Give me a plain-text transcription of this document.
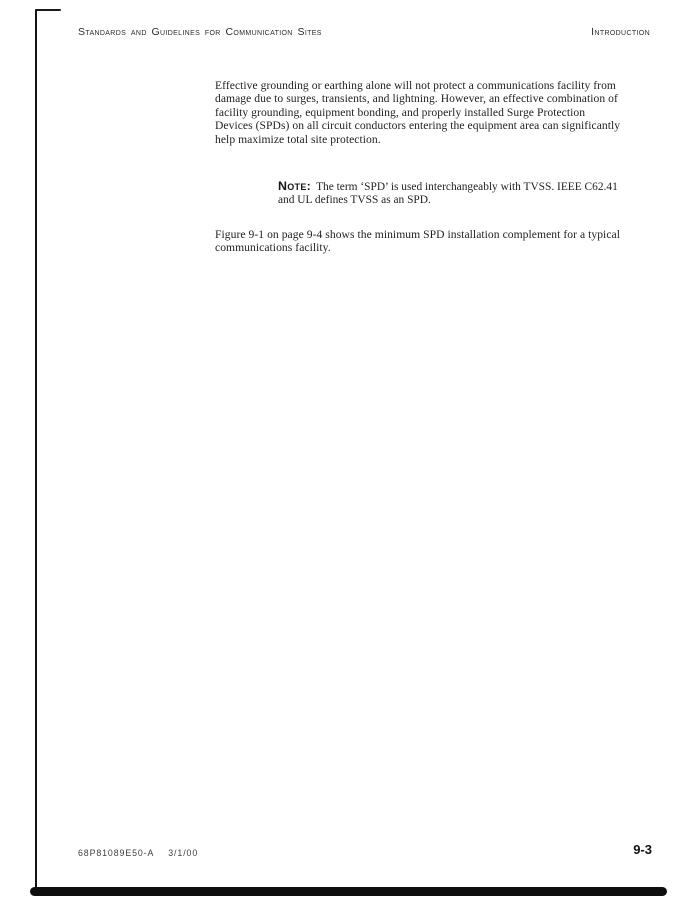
Standards and Guidelines for Communication Sites	Introduction
Effective grounding or earthing alone will not protect a communications facility from
damage due to surges, transients, and lightning. However, an effective combination of
facility grounding, equipment bonding, and properly installed Surge Protection
Devices (SPDs) on all circuit conductors entering the equipment area can significantly
help maximize total site protection.
Note: The term ‘SPD’ is used interchangeably with TVSS. IEEE C62.41
and UL defines TVSS as an SPD.
Figure 9-1 on page 9-4 shows the minimum SPD installation complement for a typical
communications facility.
68P81089E50-A 3/1/00	9-3
